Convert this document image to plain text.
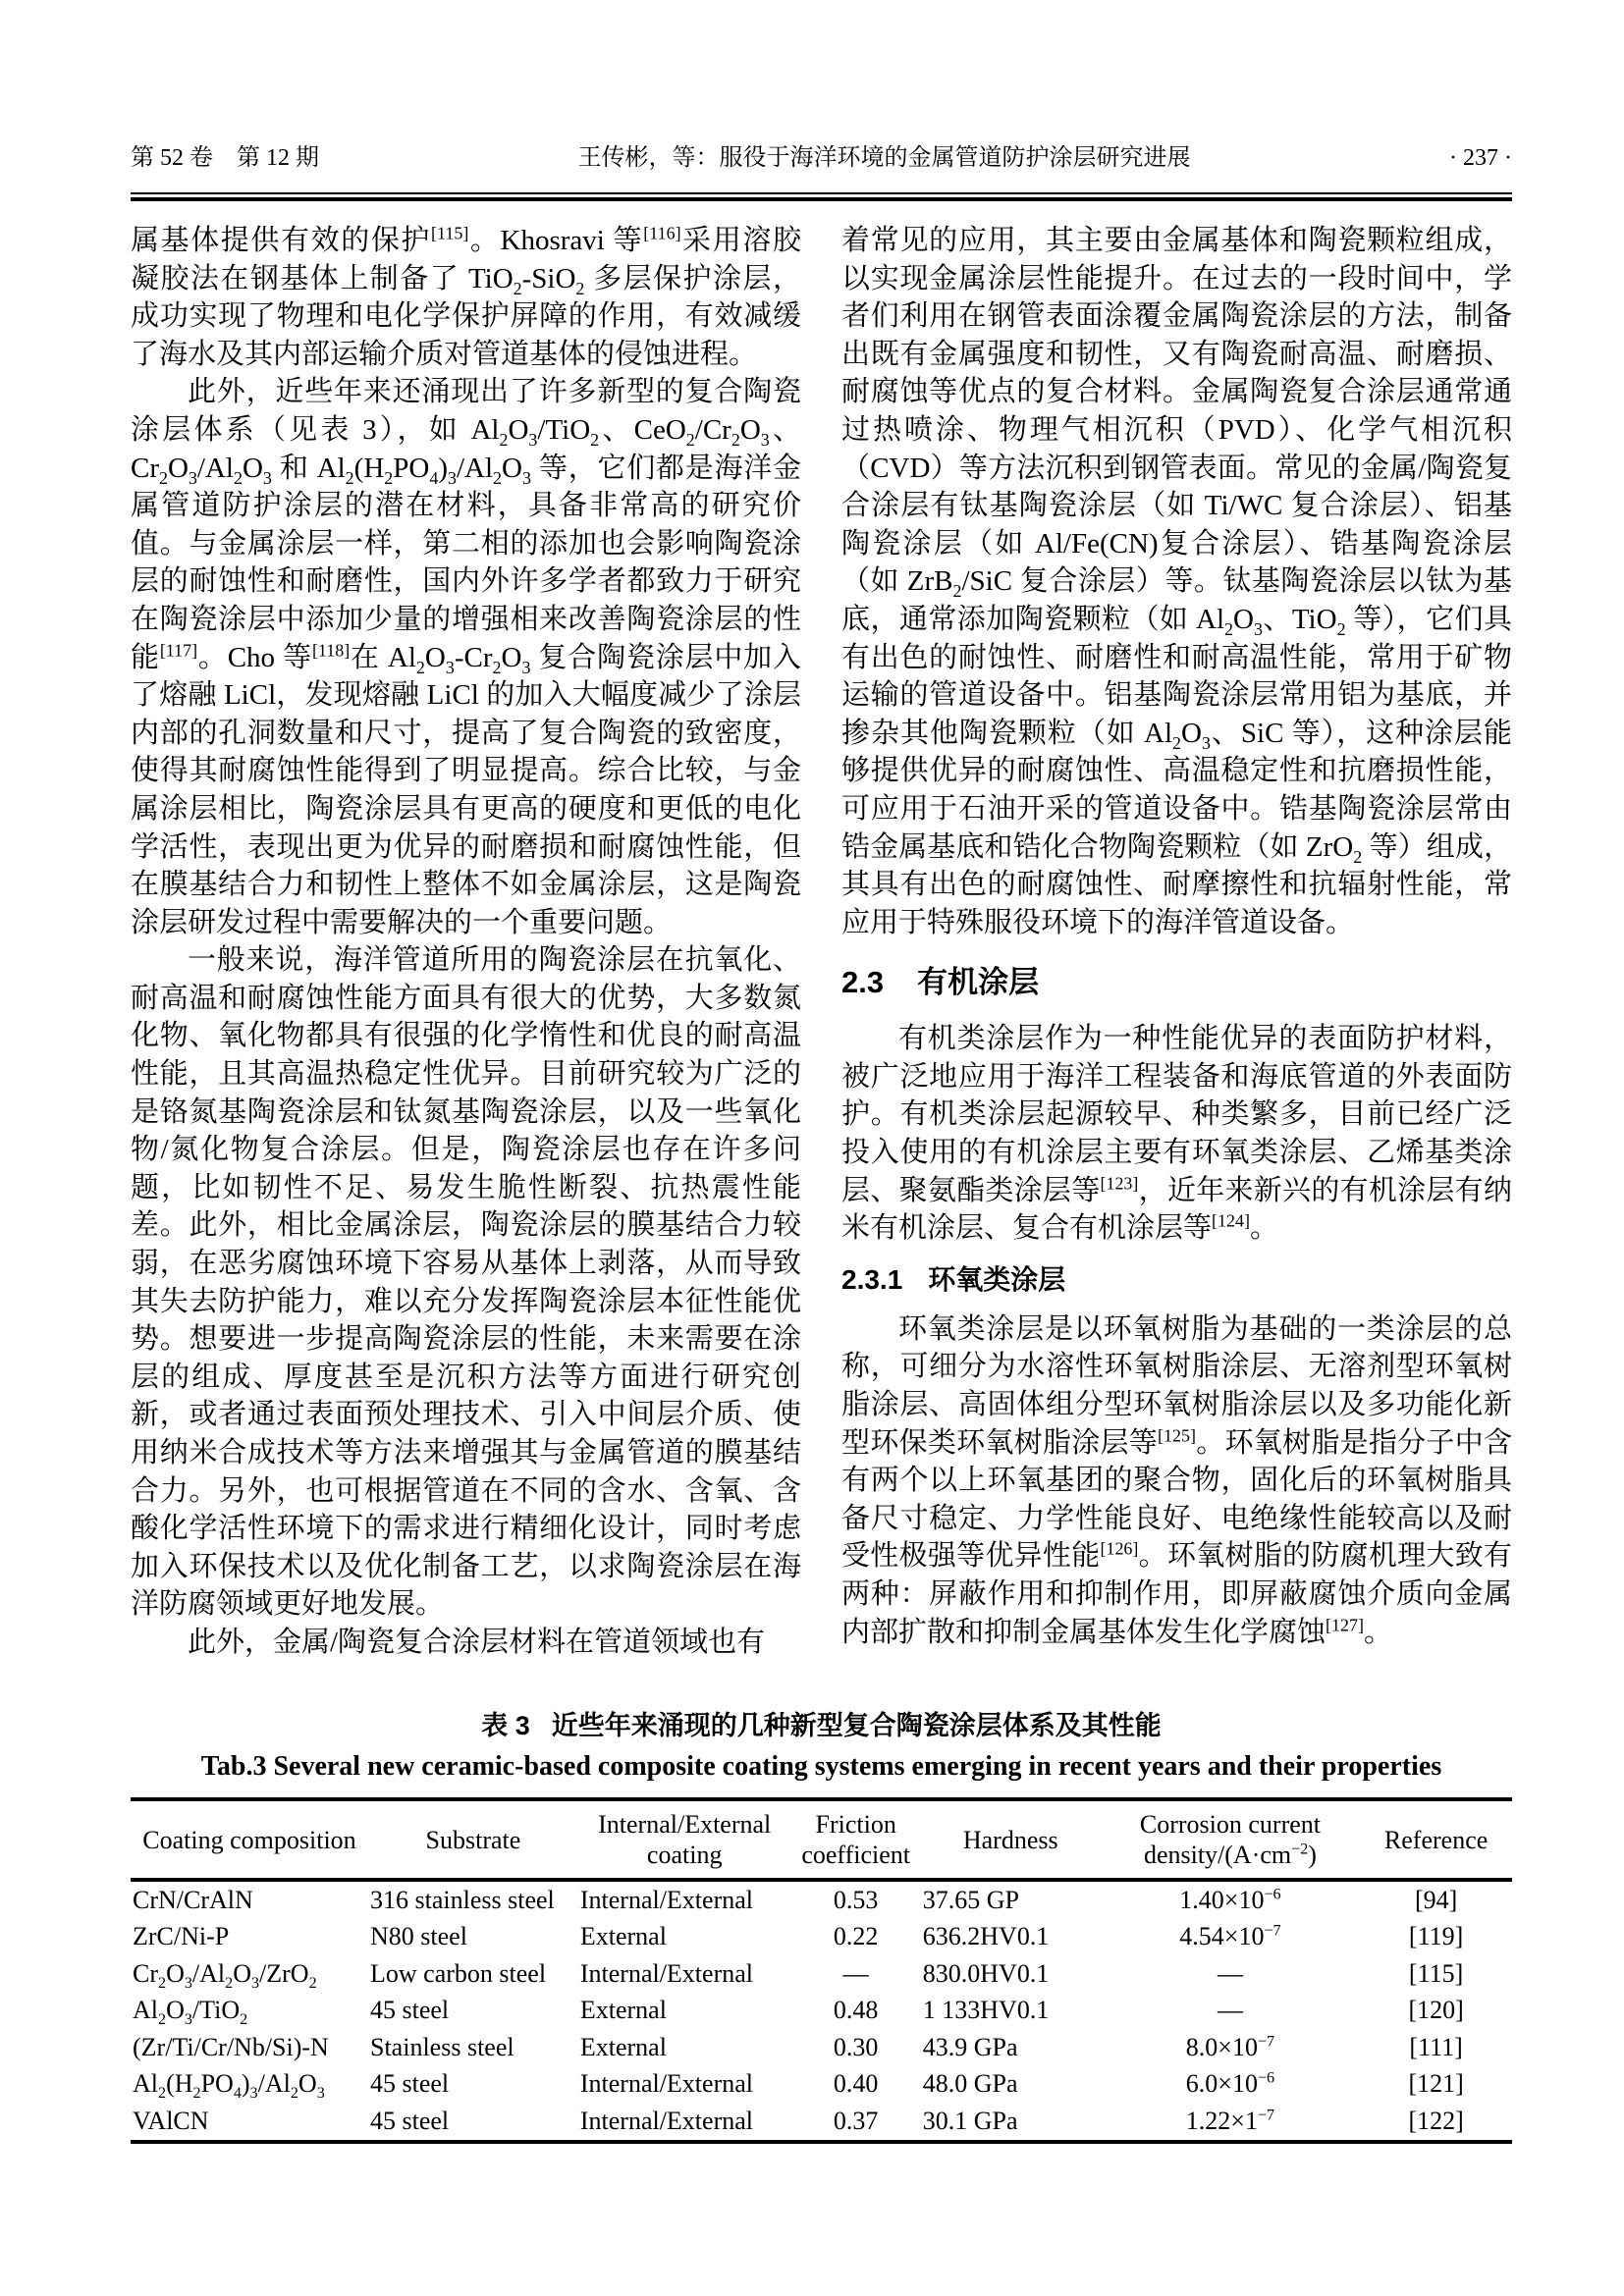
第 52 卷　第 12 期	王传彬，等：服役于海洋环境的金属管道防护涂层研究进展	· 237 ·

属基体提供有效的保护[115]。Khosravi 等[116]采用溶胶凝胶法在钢基体上制备了 TiO$_2$-SiO$_2$ 多层保护涂层，成功实现了物理和电化学保护屏障的作用，有效减缓了海水及其内部运输介质对管道基体的侵蚀进程。

此外，近些年来还涌现出了许多新型的复合陶瓷涂层体系（见表 3），如 $Al_2O_3/TiO_2$、$CeO_2/Cr_2O_3$、$Cr_2O_3/Al_2O_3$ 和 $Al_2(H_2PO_4)_3/Al_2O_3$ 等，它们都是海洋金属管道防护涂层的潜在材料，具备非常高的研究价值。与金属涂层一样，第二相的添加也会影响陶瓷涂层的耐蚀性和耐磨性，国内外许多学者都致力于研究在陶瓷涂层中添加少量的增强相来改善陶瓷涂层的性能[117]。Cho 等[118]在 $Al_2O_3-Cr_2O_3$ 复合陶瓷涂层中加入了熔融 LiCl，发现熔融 LiCl 的加入大幅度减少了涂层内部的孔洞数量和尺寸，提高了复合陶瓷的致密度，使得其耐腐蚀性能得到了明显提高。综合比较，与金属涂层相比，陶瓷涂层具有更高的硬度和更低的电化学活性，表现出更为优异的耐磨损和耐腐蚀性能，但在膜基结合力和韧性上整体不如金属涂层，这是陶瓷涂层研发过程中需要解决的一个重要问题。

一般来说，海洋管道所用的陶瓷涂层在抗氧化、耐高温和耐腐蚀性能方面具有很大的优势，大多数氮化物、氧化物都具有很强的化学惰性和优良的耐高温性能，且其高温热稳定性优异。目前研究较为广泛的是铬氮基陶瓷涂层和钛氮基陶瓷涂层，以及一些氧化物/氮化物复合涂层。但是，陶瓷涂层也存在许多问题，比如韧性不足、易发生脆性断裂、抗热震性能差。此外，相比金属涂层，陶瓷涂层的膜基结合力较弱，在恶劣腐蚀环境下容易从基体上剥落，从而导致其失去防护能力，难以充分发挥陶瓷涂层本征性能优势。想要进一步提高陶瓷涂层的性能，未来需要在涂层的组成、厚度甚至是沉积方法等方面进行研究创新，或者通过表面预处理技术、引入中间层介质、使用纳米合成技术等方法来增强其与金属管道的膜基结合力。另外，也可根据管道在不同的含水、含氧、含酸化学活性环境下的需求进行精细化设计，同时考虑加入环保技术以及优化制备工艺，以求陶瓷涂层在海洋防腐领域更好地发展。

此外，金属/陶瓷复合涂层材料在管道领域也有

着常见的应用，其主要由金属基体和陶瓷颗粒组成，以实现金属涂层性能提升。在过去的一段时间中，学者们利用在钢管表面涂覆金属陶瓷涂层的方法，制备出既有金属强度和韧性，又有陶瓷耐高温、耐磨损、耐腐蚀等优点的复合材料。金属陶瓷复合涂层通常通过热喷涂、物理气相沉积（PVD）、化学气相沉积（CVD）等方法沉积到钢管表面。常见的金属/陶瓷复合涂层有钛基陶瓷涂层（如 Ti/WC 复合涂层）、铝基陶瓷涂层（如 Al/Fe(CN)复合涂层）、锆基陶瓷涂层（如 ZrB$_2$/SiC 复合涂层）等。钛基陶瓷涂层以钛为基底，通常添加陶瓷颗粒（如 $Al_2O_3$、TiO$_2$ 等），它们具有出色的耐蚀性、耐磨性和耐高温性能，常用于矿物运输的管道设备中。铝基陶瓷涂层常用铝为基底，并掺杂其他陶瓷颗粒（如 $Al_2O_3$、SiC 等），这种涂层能够提供优异的耐腐蚀性、高温稳定性和抗磨损性能，可应用于石油开采的管道设备中。锆基陶瓷涂层常由锆金属基底和锆化合物陶瓷颗粒（如 ZrO$_2$ 等）组成，其具有出色的耐腐蚀性、耐摩擦性和抗辐射性能，常应用于特殊服役环境下的海洋管道设备。

2.3 有机涂层

有机类涂层作为一种性能优异的表面防护材料，被广泛地应用于海洋工程装备和海底管道的外表面防护。有机类涂层起源较早、种类繁多，目前已经广泛投入使用的有机涂层主要有环氧类涂层、乙烯基类涂层、聚氨酯类涂层等[123]，近年来新兴的有机涂层有纳米有机涂层、复合有机涂层等[124]。

2.3.1 环氧类涂层

环氧类涂层是以环氧树脂为基础的一类涂层的总称，可细分为水溶性环氧树脂涂层、无溶剂型环氧树脂涂层、高固体组分型环氧树脂涂层以及多功能化新型环保类环氧树脂涂层等[125]。环氧树脂是指分子中含有两个以上环氧基团的聚合物，固化后的环氧树脂具备尺寸稳定、力学性能良好、电绝缘性能较高以及耐受性极强等优异性能[126]。环氧树脂的防腐机理大致有两种：屏蔽作用和抑制作用，即屏蔽腐蚀介质向金属内部扩散和抑制金属基体发生化学腐蚀[127]。

表 3 近些年来涌现的几种新型复合陶瓷涂层体系及其性能
Tab.3 Several new ceramic-based composite coating systems emerging in recent years and their properties
Coating composition	Substrate	Internal/External coating	Friction coefficient	Hardness	Corrosion current density/$(A\cdot cm^{-2})$	Reference
CrN/CrAlN	316 stainless steel	Internal/External	0.53	37.65 GP	$1.40\times 10^{-6}$	[94]
ZrC/Ni-P	N80 steel	External	0.22	636.2HV0.1	$4.54\times 10^{-7}$	[119]
$Cr_2O_3/Al_2O_3/ZrO_2$	Low carbon steel	Internal/External	—	830.0HV0.1	—	[115]
$Al_2O_3/TiO_2$	45 steel	External	0.48	1 133HV0.1	—	[120]
(Zr/Ti/Cr/Nb/Si)-N	Stainless steel	External	0.30	43.9 GPa	$8.0\times 10^{-7}$	[111]
$Al_2(H_2PO_4)_3/Al_2O_3$	45 steel	Internal/External	0.40	48.0 GPa	$6.0\times 10^{-6}$	[121]
VAlCN	45 steel	Internal/External	0.37	30.1 GPa	$1.22\times 1^{-7}$	[122]
